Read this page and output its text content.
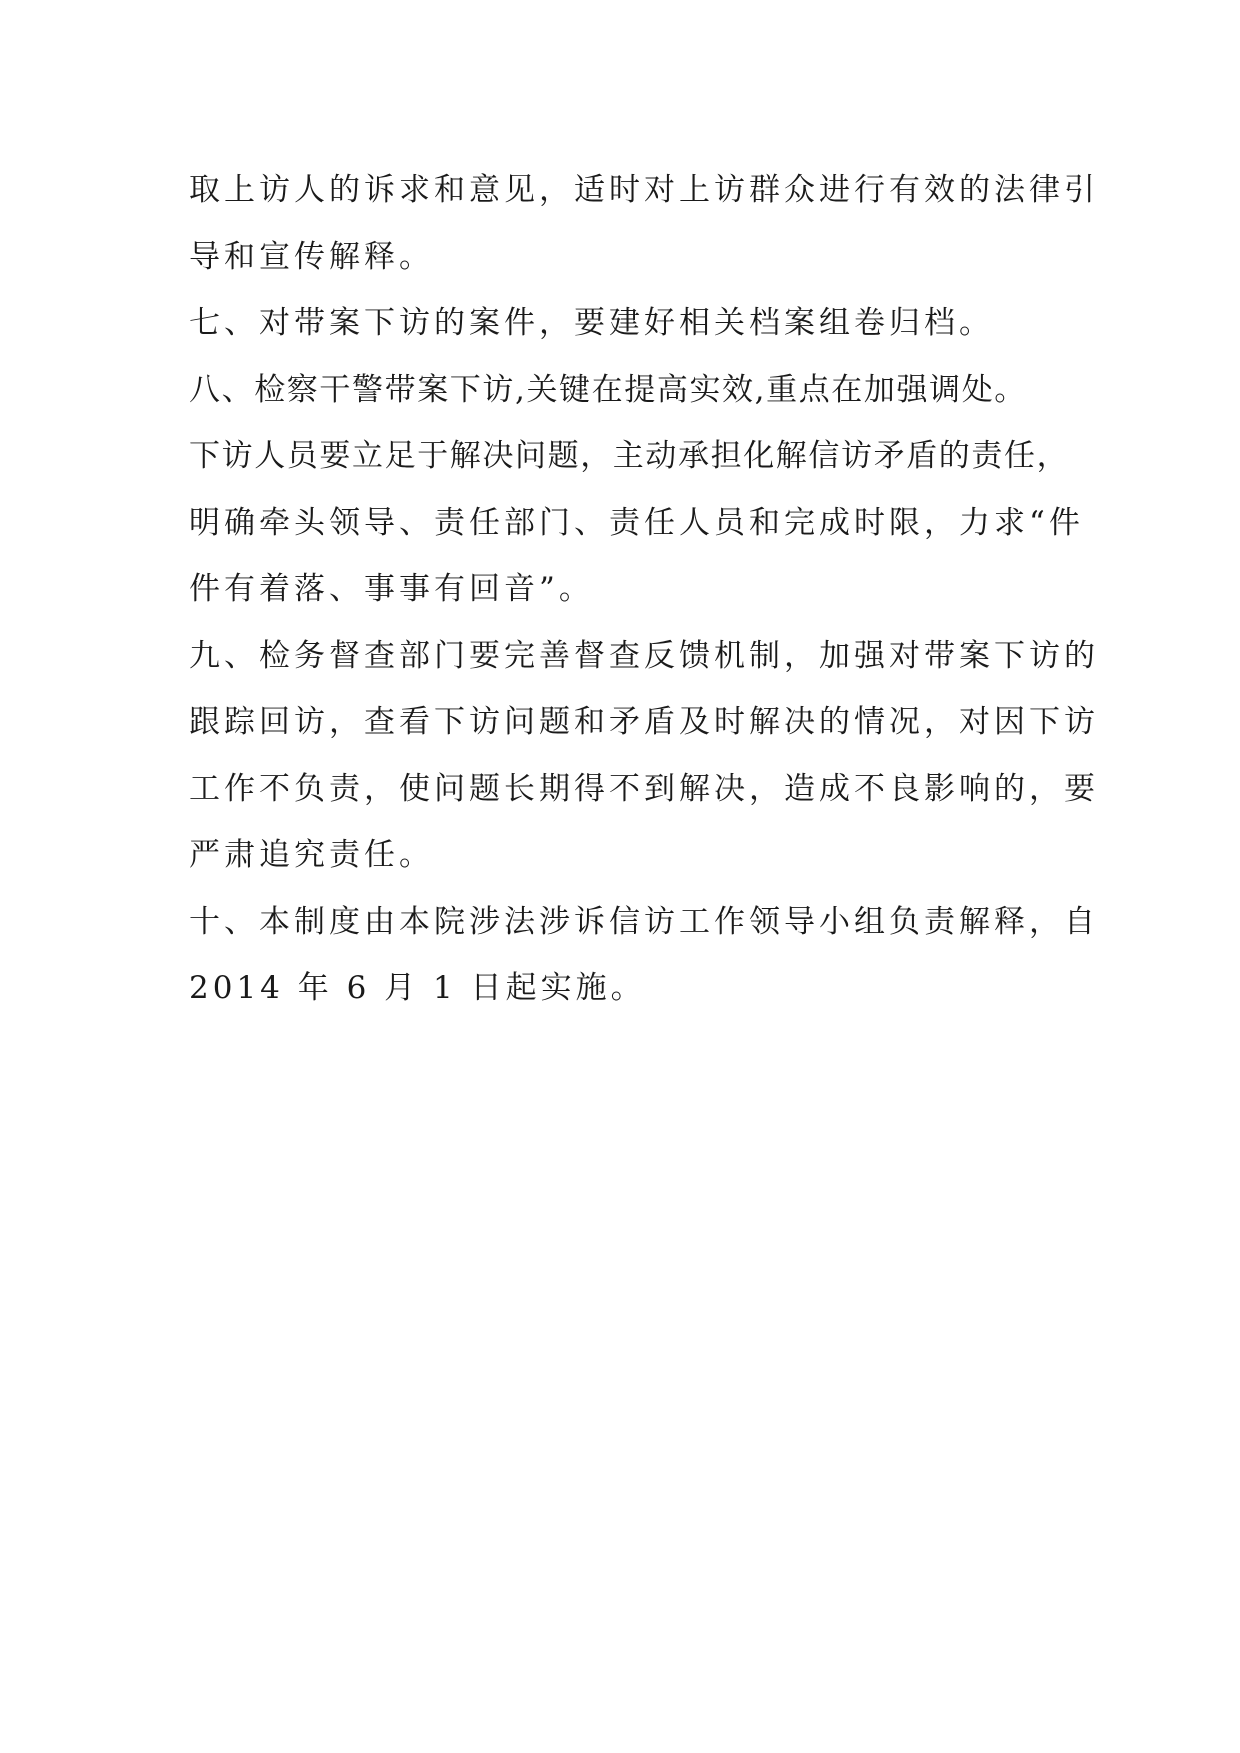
取上访人的诉求和意见，适时对上访群众进行有效的法律引
导和宣传解释。
七、对带案下访的案件，要建好相关档案组卷归档。
八、检察干警带案下访,关键在提高实效,重点在加强调处。
下访人员要立足于解决问题，主动承担化解信访矛盾的责任，
明确牵头领导、责任部门、责任人员和完成时限，力求“件
件有着落、事事有回音”。
九、检务督查部门要完善督查反馈机制，加强对带案下访的
跟踪回访，查看下访问题和矛盾及时解决的情况，对因下访
工作不负责，使问题长期得不到解决，造成不良影响的，要
严肃追究责任。
十、本制度由本院涉法涉诉信访工作领导小组负责解释，自
2014 年 6 月 1 日起实施。
